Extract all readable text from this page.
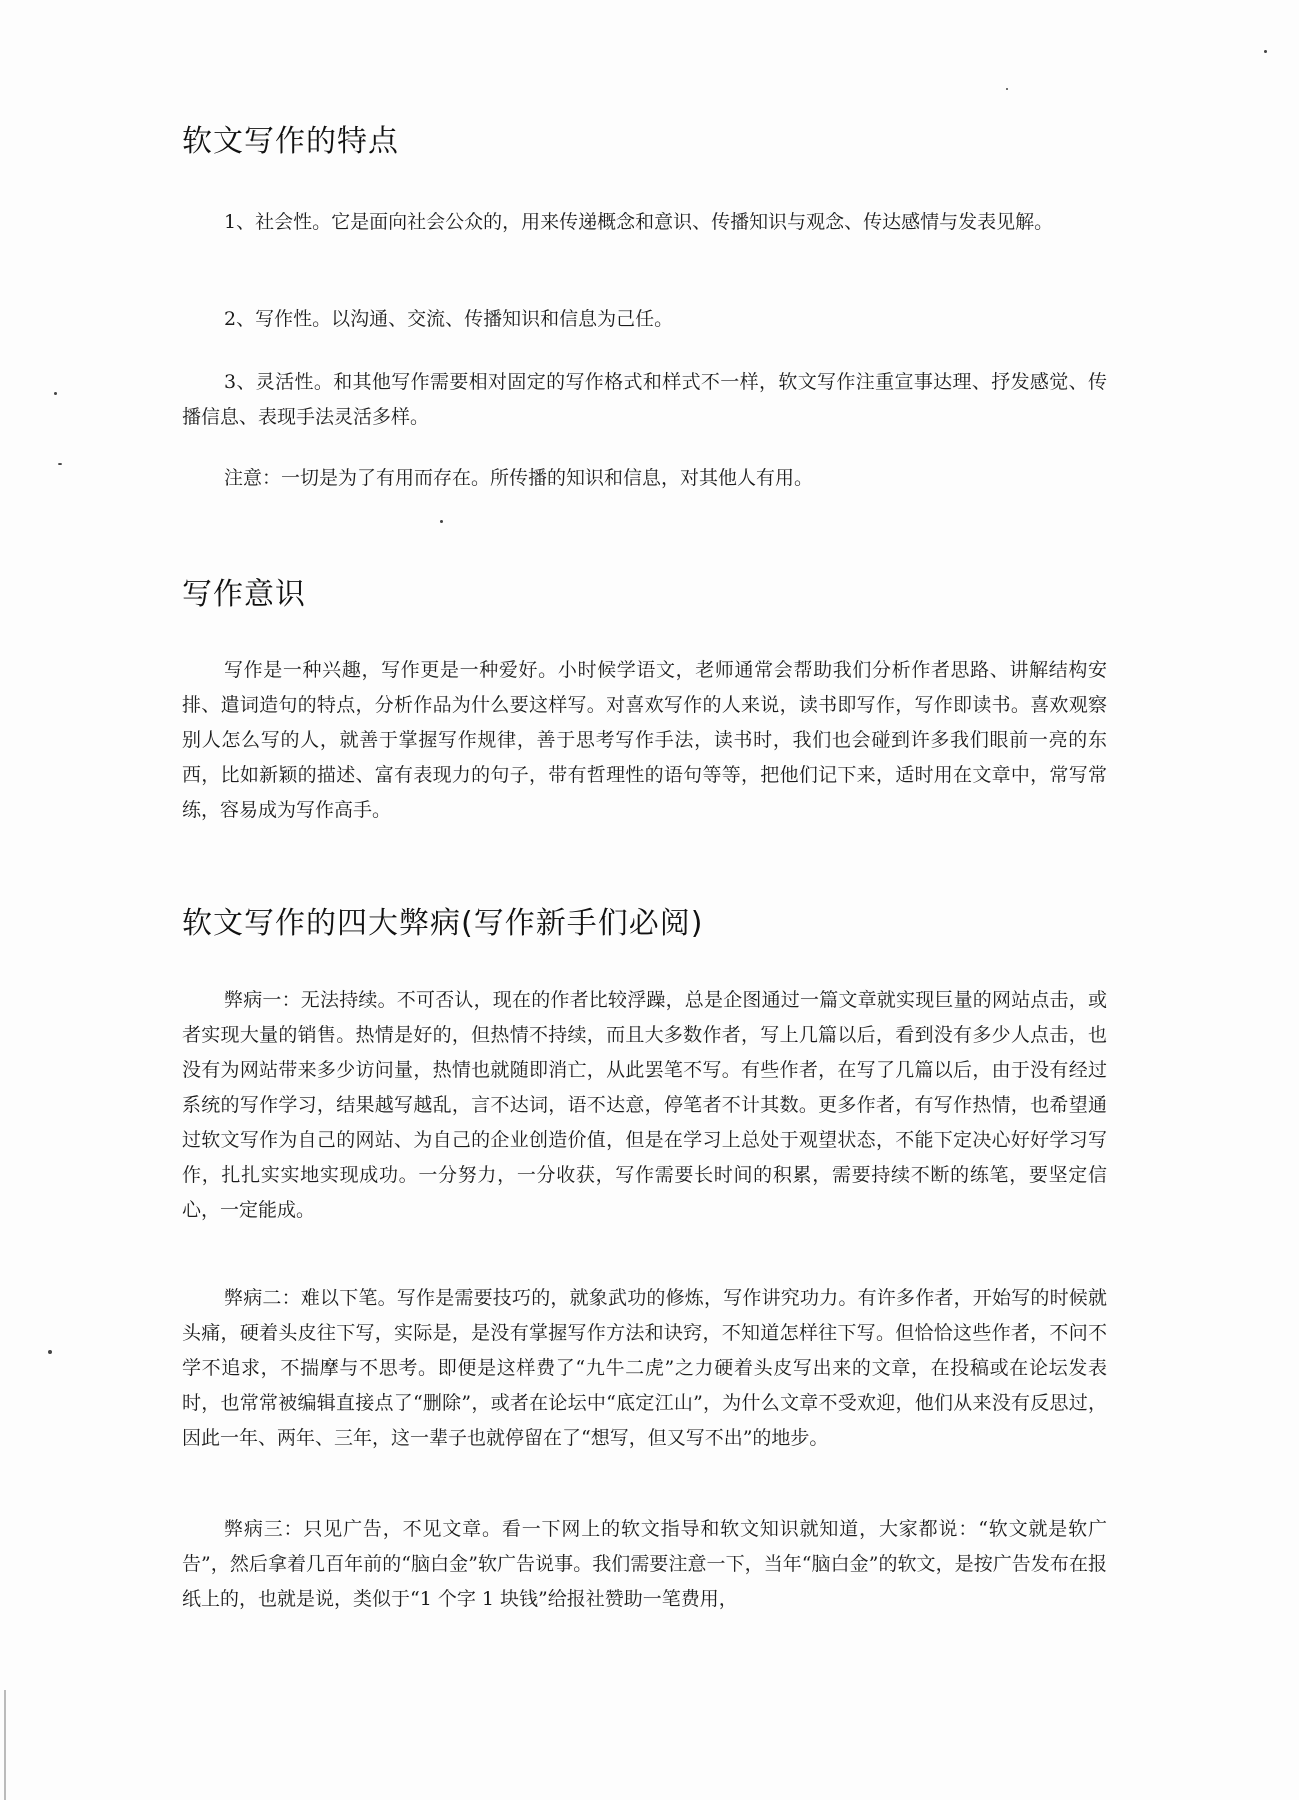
软文写作的特点

1、社会性。它是面向社会公众的，用来传递概念和意识、传播知识与观念、传达感情与发表见解。

2、写作性。以沟通、交流、传播知识和信息为己任。

3、灵活性。和其他写作需要相对固定的写作格式和样式不一样，软文写作注重宣事达理、抒发感觉、传播信息、表现手法灵活多样。

注意：一切是为了有用而存在。所传播的知识和信息，对其他人有用。

写作意识

写作是一种兴趣，写作更是一种爱好。小时候学语文，老师通常会帮助我们分析作者思路、讲解结构安排、遣词造句的特点，分析作品为什么要这样写。对喜欢写作的人来说，读书即写作，写作即读书。喜欢观察别人怎么写的人，就善于掌握写作规律，善于思考写作手法，读书时，我们也会碰到许多我们眼前一亮的东西，比如新颖的描述、富有表现力的句子，带有哲理性的语句等等，把他们记下来，适时用在文章中，常写常练，容易成为写作高手。

软文写作的四大弊病(写作新手们必阅)

弊病一：无法持续。不可否认，现在的作者比较浮躁，总是企图通过一篇文章就实现巨量的网站点击，或者实现大量的销售。热情是好的，但热情不持续，而且大多数作者，写上几篇以后，看到没有多少人点击，也没有为网站带来多少访问量，热情也就随即消亡，从此罢笔不写。有些作者，在写了几篇以后，由于没有经过系统的写作学习，结果越写越乱，言不达词，语不达意，停笔者不计其数。更多作者，有写作热情，也希望通过软文写作为自己的网站、为自己的企业创造价值，但是在学习上总处于观望状态，不能下定决心好好学习写作，扎扎实实地实现成功。一分努力，一分收获，写作需要长时间的积累，需要持续不断的练笔，要坚定信心，一定能成。

弊病二：难以下笔。写作是需要技巧的，就象武功的修炼，写作讲究功力。有许多作者，开始写的时候就头痛，硬着头皮往下写，实际是，是没有掌握写作方法和诀窍，不知道怎样往下写。但恰恰这些作者，不问不学不追求，不揣摩与不思考。即便是这样费了“九牛二虎”之力硬着头皮写出来的文章，在投稿或在论坛发表时，也常常被编辑直接点了“删除”，或者在论坛中“底定江山”，为什么文章不受欢迎，他们从来没有反思过，因此一年、两年、三年，这一辈子也就停留在了“想写，但又写不出”的地步。

弊病三：只见广告，不见文章。看一下网上的软文指导和软文知识就知道，大家都说：“软文就是软广告”，然后拿着几百年前的“脑白金”软广告说事。我们需要注意一下，当年“脑白金”的软文，是按广告发布在报纸上的，也就是说，类似于“1 个字 1 块钱”给报社赞助一笔费用，
